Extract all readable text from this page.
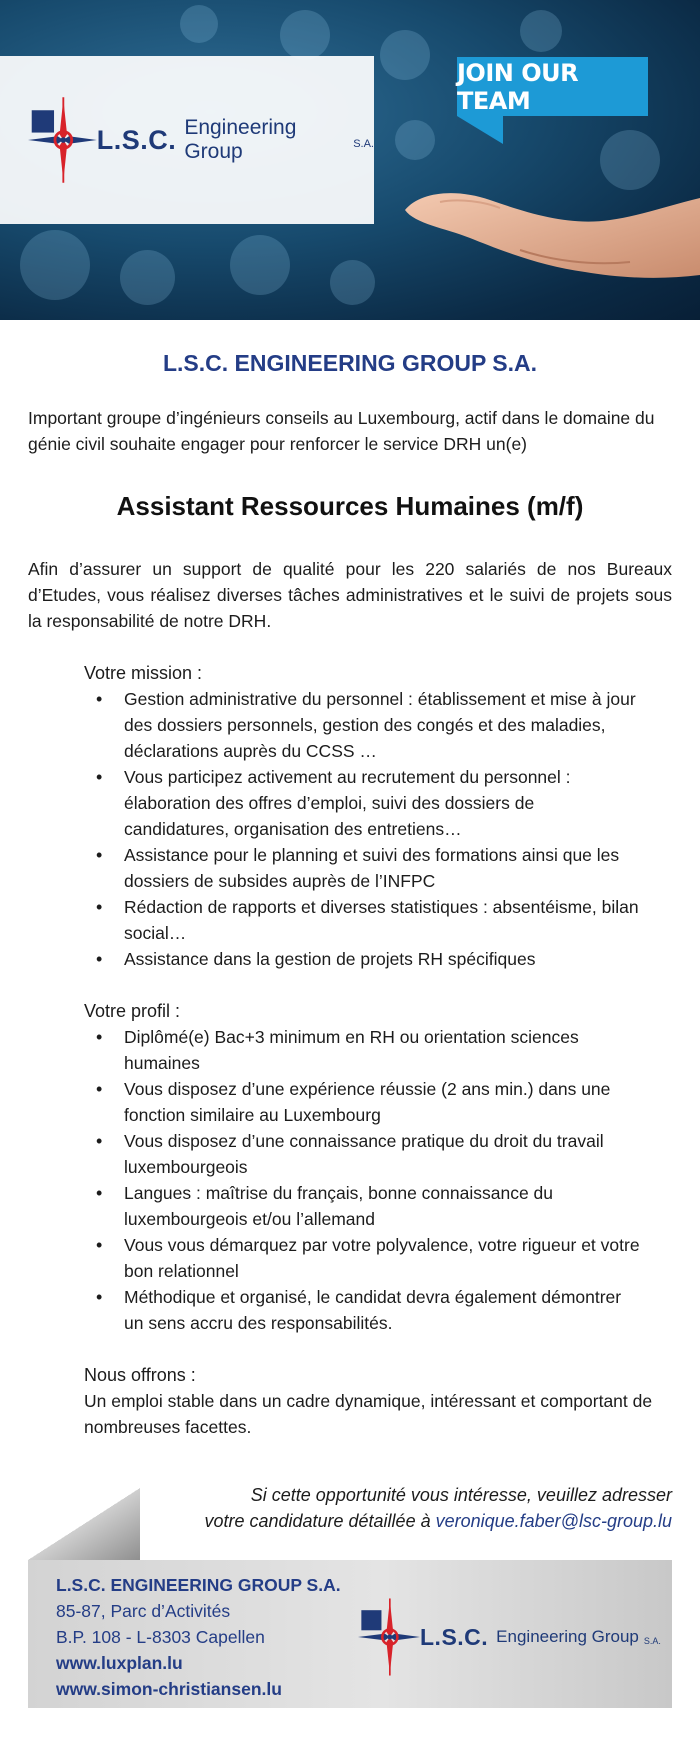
L.S.C. Engineering Group	S.A.
JOIN OUR TEAM
L.S.C. ENGINEERING GROUP S.A.

Important groupe d’ingénieurs conseils au Luxembourg, actif dans le domaine du génie civil souhaite engager pour renforcer le service DRH un(e)

Assistant Ressources Humaines (m/f)

Afin d’assurer un support de qualité pour les 220 salariés de nos Bureaux d’Etudes, vous réalisez diverses tâches administratives et le suivi de projets sous la responsabilité de notre DRH.

Votre mission :
• Gestion administrative du personnel : établissement et mise à jour des dossiers personnels, gestion des congés et des maladies, déclarations auprès du CCSS …
• Vous participez activement au recrutement du personnel : élaboration des offres d’emploi, suivi des dossiers de candidatures, organisation des entretiens…
• Assistance pour le planning et suivi des formations ainsi que les dossiers de subsides auprès de l’INFPC
• Rédaction de rapports et diverses statistiques : absentéisme, bilan social…
• Assistance dans la gestion de projets RH spécifiques
Votre profil :
• Diplômé(e) Bac+3 minimum en RH ou orientation sciences humaines
• Vous disposez d’une expérience réussie (2 ans min.) dans une fonction similaire au Luxembourg
• Vous disposez d’une connaissance pratique du droit du travail luxembourgeois
• Langues : maîtrise du français, bonne connaissance du luxembourgeois et/ou l’allemand
• Vous vous démarquez par votre polyvalence, votre rigueur et votre bon relationnel
• Méthodique et organisé, le candidat devra également démontrer un sens accru des responsabilités.
Nous offrons :

Un emploi stable dans un cadre dynamique, intéressant et comportant de nombreuses facettes.

Si cette opportunité vous intéresse, veuillez adresser
votre candidature détaillée à veronique.faber@lsc-group.lu
L.S.C. ENGINEERING GROUP S.A.
85-87, Parc d’Activités
B.P. 108 - L-8303 Capellen
www.luxplan.lu
www.simon-christiansen.lu
L.S.C. Engineering Group S.A.
